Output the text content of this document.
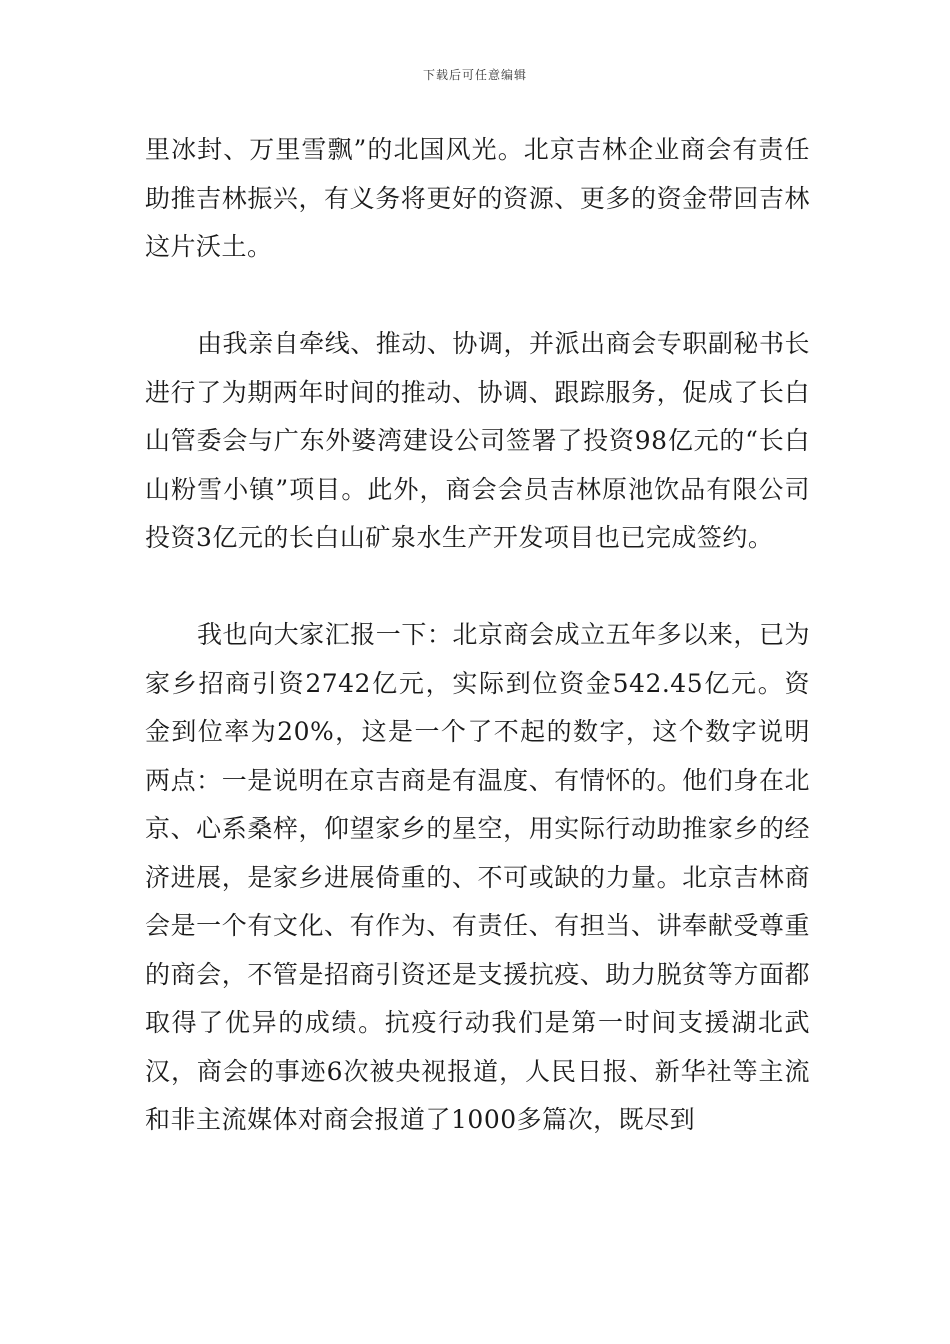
下载后可任意编辑

里冰封、万里雪飘”的北国风光。北京吉林企业商会有责任助推吉林振兴，有义务将更好的资源、更多的资金带回吉林这片沃土。

由我亲自牵线、推动、协调，并派出商会专职副秘书长进行了为期两年时间的推动、协调、跟踪服务，促成了长白山管委会与广东外婆湾建设公司签署了投资98亿元的“长白山粉雪小镇”项目。此外，商会会员吉林原池饮品有限公司投资3亿元的长白山矿泉水生产开发项目也已完成签约。

我也向大家汇报一下：北京商会成立五年多以来，已为家乡招商引资2742亿元，实际到位资金542.45亿元。资金到位率为20%，这是一个了不起的数字，这个数字说明两点：一是说明在京吉商是有温度、有情怀的。他们身在北京、心系桑梓，仰望家乡的星空，用实际行动助推家乡的经济进展，是家乡进展倚重的、不可或缺的力量。北京吉林商会是一个有文化、有作为、有责任、有担当、讲奉献受尊重的商会，不管是招商引资还是支援抗疫、助力脱贫等方面都取得了优异的成绩。抗疫行动我们是第一时间支援湖北武汉，商会的事迹6次被央视报道，人民日报、新华社等主流和非主流媒体对商会报道了1000多篇次，既尽到
